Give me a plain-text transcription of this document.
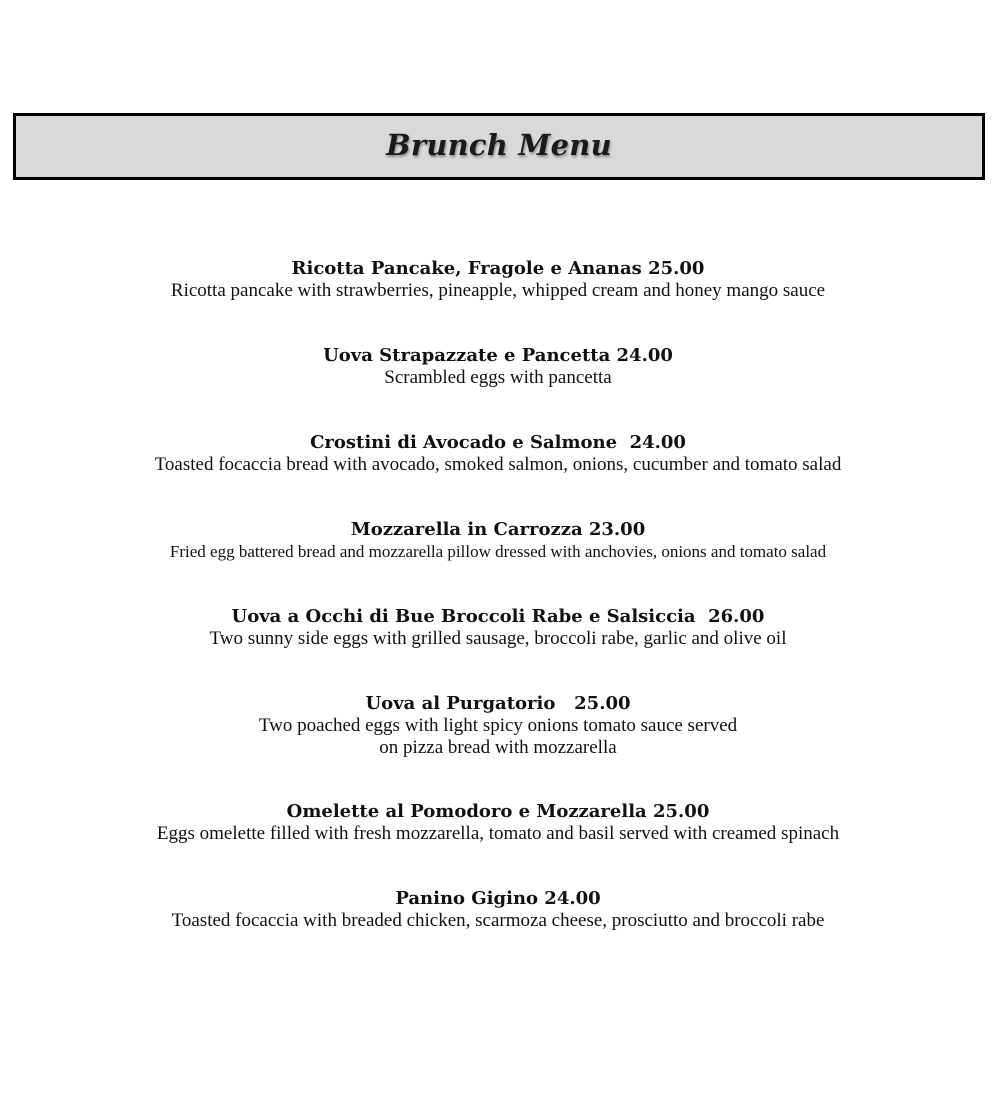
Brunch Menu
Ricotta Pancake, Fragole e Ananas 25.00
Ricotta pancake with strawberries, pineapple, whipped cream and honey mango sauce
Uova Strapazzate e Pancetta 24.00
Scrambled eggs with pancetta
Crostini di Avocado e Salmone  24.00
Toasted focaccia bread with avocado, smoked salmon, onions, cucumber and tomato salad
Mozzarella in Carrozza 23.00
Fried egg battered bread and mozzarella pillow dressed with anchovies, onions and tomato salad
Uova a Occhi di Bue Broccoli Rabe e Salsiccia  26.00
Two sunny side eggs with grilled sausage, broccoli rabe, garlic and olive oil
Uova al Purgatorio   25.00
Two poached eggs with light spicy onions tomato sauce served
on pizza bread with mozzarella
Omelette al Pomodoro e Mozzarella 25.00
Eggs omelette filled with fresh mozzarella, tomato and basil served with creamed spinach
Panino Gigino 24.00
Toasted focaccia with breaded chicken, scarmoza cheese, prosciutto and broccoli rabe
